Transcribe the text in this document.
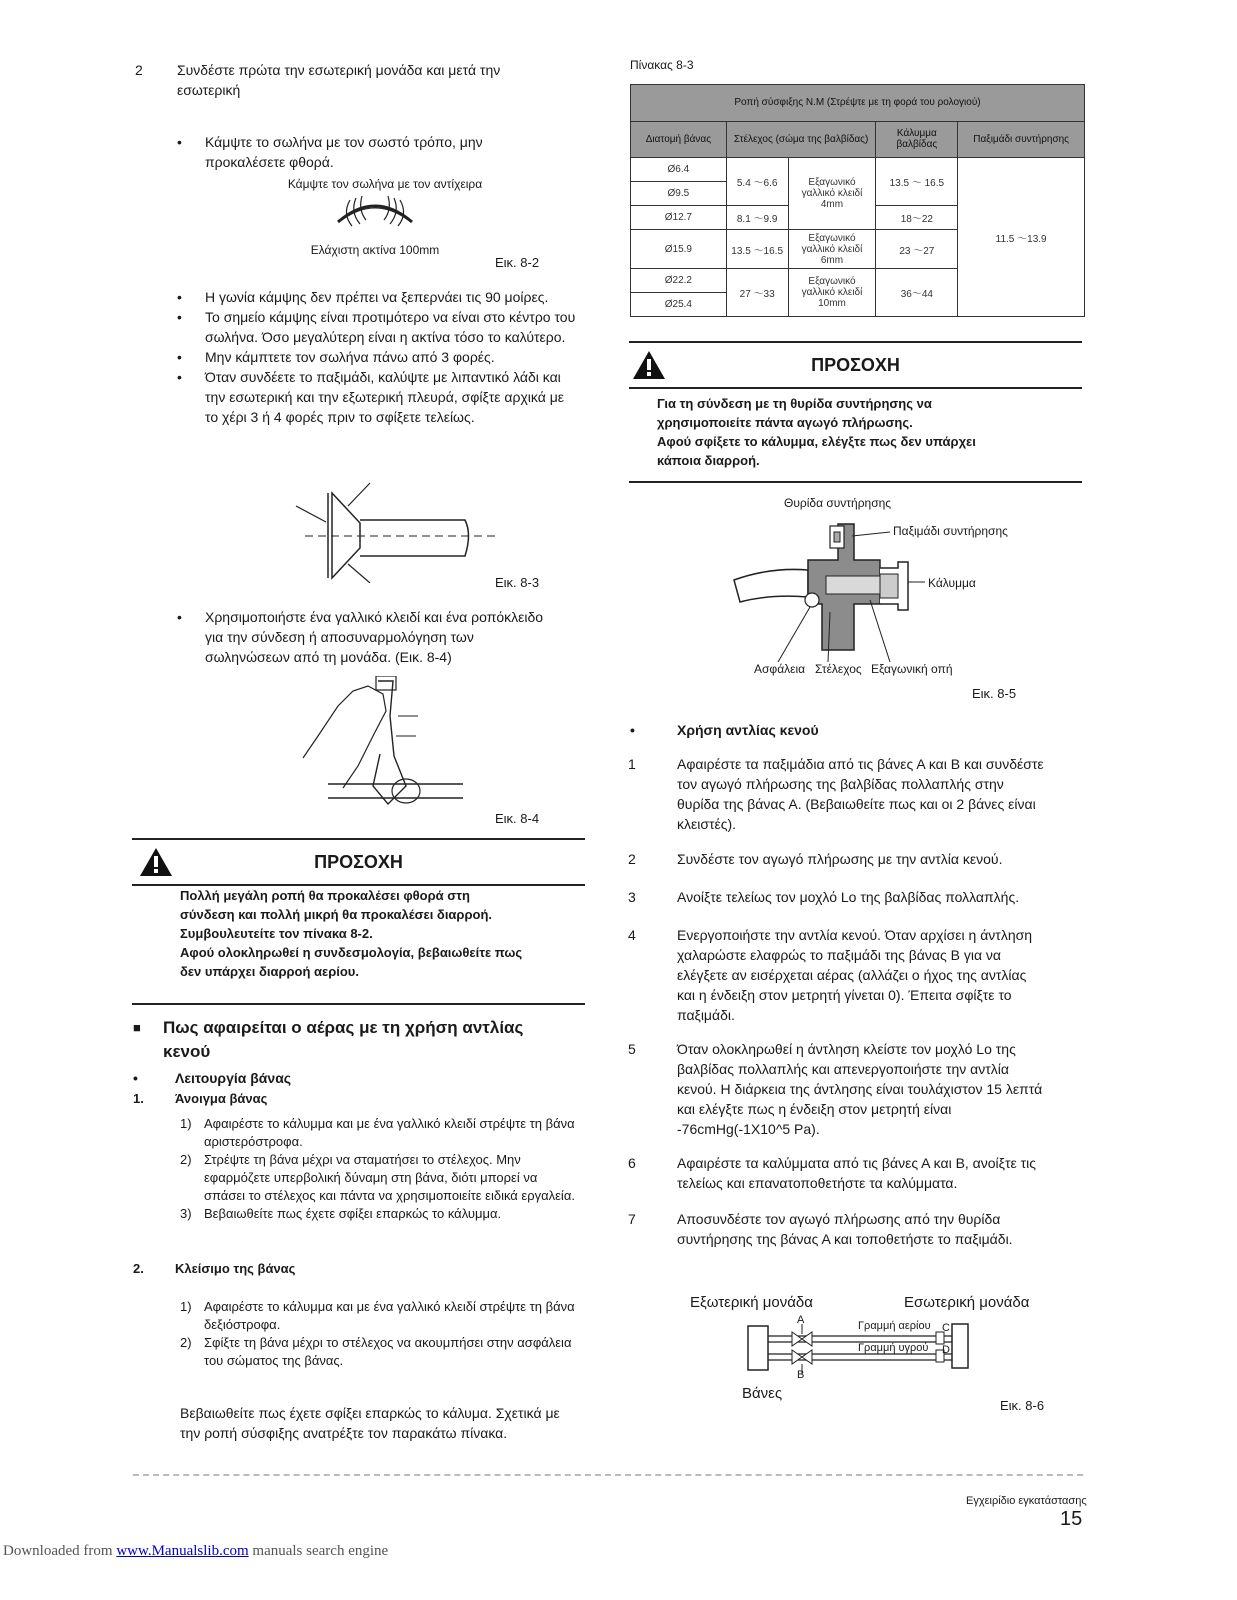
2 Συνδέστε πρώτα την εσωτερική μονάδα και μετά την εσωτερική
• Κάμψτε το σωλήνα με τον σωστό τρόπο, μην προκαλέσετε φθορά.
Κάμψτε τον σωλήνα με τον αντίχειρα
Ελάχιστη ακτίνα 100mm
Εικ. 8-2
• Η γωνία κάμψης δεν πρέπει να ξεπερνάει τις 90 μοίρες.
• Το σημείο κάμψης είναι προτιμότερο να είναι στο κέντρο του σωλήνα. Όσο μεγαλύτερη είναι η ακτίνα τόσο το καλύτερο.
• Μην κάμπτετε τον σωλήνα πάνω από 3 φορές.
• Όταν συνδέετε το παξιμάδι, καλύψτε με λιπαντικό λάδι και την εσωτερική και την εξωτερική πλευρά, σφίξτε αρχικά με το χέρι 3 ή 4 φορές πριν το σφίξετε τελείως.
Εικ. 8-3
• Χρησιμοποιήστε ένα γαλλικό κλειδί και ένα ροπόκλειδο για την σύνδεση ή αποσυναρμολόγηση των σωληνώσεων από τη μονάδα. (Εικ. 8-4)
Εικ. 8-4
ΠΡΟΣΟΧΗ
Πολλή μεγάλη ροπή θα προκαλέσει φθορά στη
σύνδεση και πολλή μικρή θα προκαλέσει διαρροή.
Συμβουλευτείτε τον πίνακα 8-2.
Αφού ολοκληρωθεί η συνδεσμολογία, βεβαιωθείτε πως
δεν υπάρχει διαρροή αερίου.
■ Πως αφαιρείται ο αέρας με τη χρήση αντλίας
κενού
•	Λειτουργία βάνας
1. Άνοιγμα βάνας
1) Αφαιρέστε το κάλυμμα και με ένα γαλλικό κλειδί στρέψτε τη βάνα αριστερόστροφα.
2) Στρέψτε τη βάνα μέχρι να σταματήσει το στέλεχος. Μην εφαρμόζετε υπερβολική δύναμη στη βάνα, διότι μπορεί να σπάσει το στέλεχος και πάντα να χρησιμοποιείτε ειδικά εργαλεία.
3) Βεβαιωθείτε πως έχετε σφίξει επαρκώς το κάλυμμα.
2. Κλείσιμο της βάνας
1) Αφαιρέστε το κάλυμμα και με ένα γαλλικό κλειδί στρέψτε τη βάνα δεξιόστροφα.
2) Σφίξτε τη βάνα μέχρι το στέλεχος να ακουμπήσει στην ασφάλεια του σώματος της βάνας.
Βεβαιωθείτε πως έχετε σφίξει επαρκώς το κάλυμα. Σχετικά με την ροπή σύσφιξης ανατρέξτε τον παρακάτω πίνακα.
Πίνακας 8-3
Ροπή σύσφιξης N.M (Στρέψτε με τη φορά του ρολογιού)				
Διατομή βάνας	Στέλεχος (σώμα της βαλβίδας)		Κάλυμμα βαλβίδας	Παξιμάδι συντήρησης
Ø6.4	5.4 ～6.6	Εξαγωνικό γαλλικό κλειδί 4mm	13.5 ～ 16.5	11.5 ～13.9
Ø9.5				
Ø12.7	8.1 ～9.9		18～22	
Ø15.9	13.5 ～16.5	Εξαγωνικό γαλλικό κλειδί 6mm	23 ～27	
Ø22.2	27 ～33	Εξαγωνικό γαλλικό κλειδί 10mm	36～44	
Ø25.4				
ΠΡΟΣΟΧΗ
Για τη σύνδεση με τη θυρίδα συντήρησης να
χρησιμοποιείτε πάντα αγωγό πλήρωσης.
Αφού σφίξετε το κάλυμμα, ελέγξτε πως δεν υπάρχει
κάποια διαρροή.
Θυρίδα συντήρησης
Παξιμάδι συντήρησης
Κάλυμμα
Ασφάλεια Στέλεχος Εξαγωνική οπή
Εικ. 8-5
•	Χρήση αντλίας κενού
1	Αφαιρέστε τα παξιμάδια από τις βάνες Α και Β και συνδέστε τον αγωγό πλήρωσης της βαλβίδας πολλαπλής στην θυρίδα της βάνας Α. (Βεβαιωθείτε πως και οι 2 βάνες είναι κλειστές).
2	Συνδέστε τον αγωγό πλήρωσης με την αντλία κενού.
3	Ανοίξτε τελείως τον μοχλό Lo της βαλβίδας πολλαπλής.
4	Ενεργοποιήστε την αντλία κενού. Όταν αρχίσει η άντληση χαλαρώστε ελαφρώς το παξιμάδι της βάνας Β για να ελέγξετε αν εισέρχεται αέρας (αλλάζει ο ήχος της αντλίας και η ένδειξη στον μετρητή γίνεται 0). Έπειτα σφίξτε το παξιμάδι.
5	Όταν ολοκληρωθεί η άντληση κλείστε τον μοχλό Lo της βαλβίδας πολλαπλής και απενεργοποιήστε την αντλία κενού. Η διάρκεια της άντλησης είναι τουλάχιστον 15 λεπτά και ελέγξτε πως η ένδειξη στον μετρητή είναι -76cmHg(-1X10^5 Pa).
6	Αφαιρέστε τα καλύμματα από τις βάνες Α και Β, ανοίξτε τις τελείως και επανατοποθετήστε τα καλύμματα.
7	Αποσυνδέστε τον αγωγό πλήρωσης από την θυρίδα συντήρησης της βάνας Α και τοποθετήστε το παξιμάδι.
Εξωτερική μονάδα	Εσωτερική μονάδα
A
B
C
D
Γραμμή αερίου
Γραμμή υγρού
Βάνες
Εικ. 8-6
Εγχειρίδιο εγκατάστασης
15
Downloaded from www.Manualslib.com manuals search engine
